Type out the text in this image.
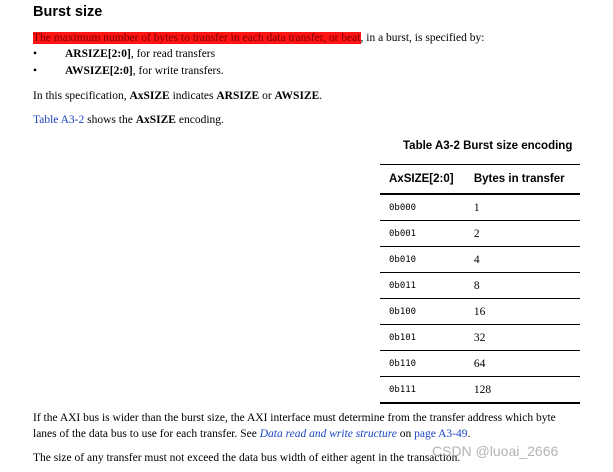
Burst size
The maximum number of bytes to transfer in each data transfer, or beat, in a burst, is specified by:
• ARSIZE[2:0], for read transfers
• AWSIZE[2:0], for write transfers.
In this specification, AxSIZE indicates ARSIZE or AWSIZE.
Table A3-2 shows the AxSIZE encoding.
Table A3-2 Burst size encoding
AxSIZE[2:0]	Bytes in transfer
0b000	1
0b001	2
0b010	4
0b011	8
0b100	16
0b101	32
0b110	64
0b111	128
If the AXI bus is wider than the burst size, the AXI interface must determine from the transfer address which byte
lanes of the data bus to use for each transfer. See Data read and write structure on page A3-49.
The size of any transfer must not exceed the data bus width of either agent in the transaction.
CSDN @luoai_2666
